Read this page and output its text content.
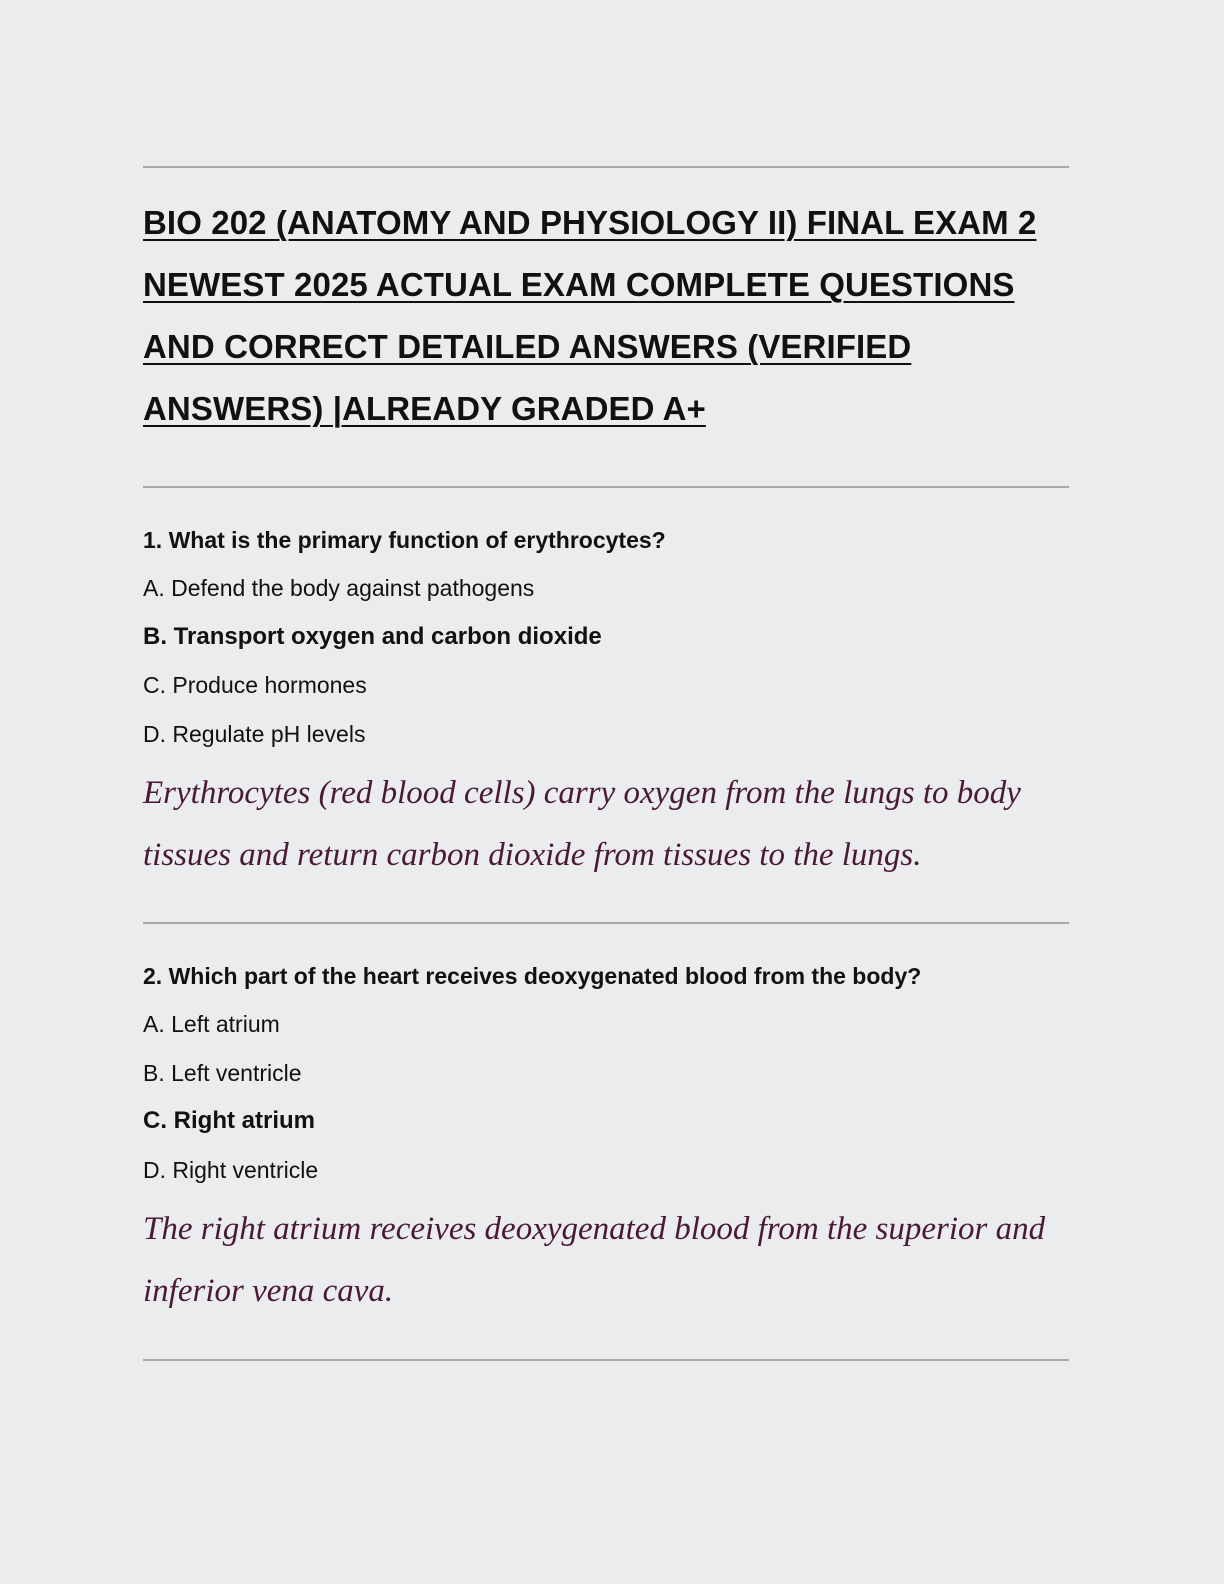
BIO 202 (ANATOMY AND PHYSIOLOGY II) FINAL EXAM 2 NEWEST 2025 ACTUAL EXAM COMPLETE QUESTIONS AND CORRECT DETAILED ANSWERS (VERIFIED ANSWERS) |ALREADY GRADED A+

1. What is the primary function of erythrocytes?

A. Defend the body against pathogens

B. Transport oxygen and carbon dioxide

C. Produce hormones

D. Regulate pH levels

Erythrocytes (red blood cells) carry oxygen from the lungs to body tissues and return carbon dioxide from tissues to the lungs.

2. Which part of the heart receives deoxygenated blood from the body?

A. Left atrium

B. Left ventricle

C. Right atrium

D. Right ventricle

The right atrium receives deoxygenated blood from the superior and inferior vena cava.
